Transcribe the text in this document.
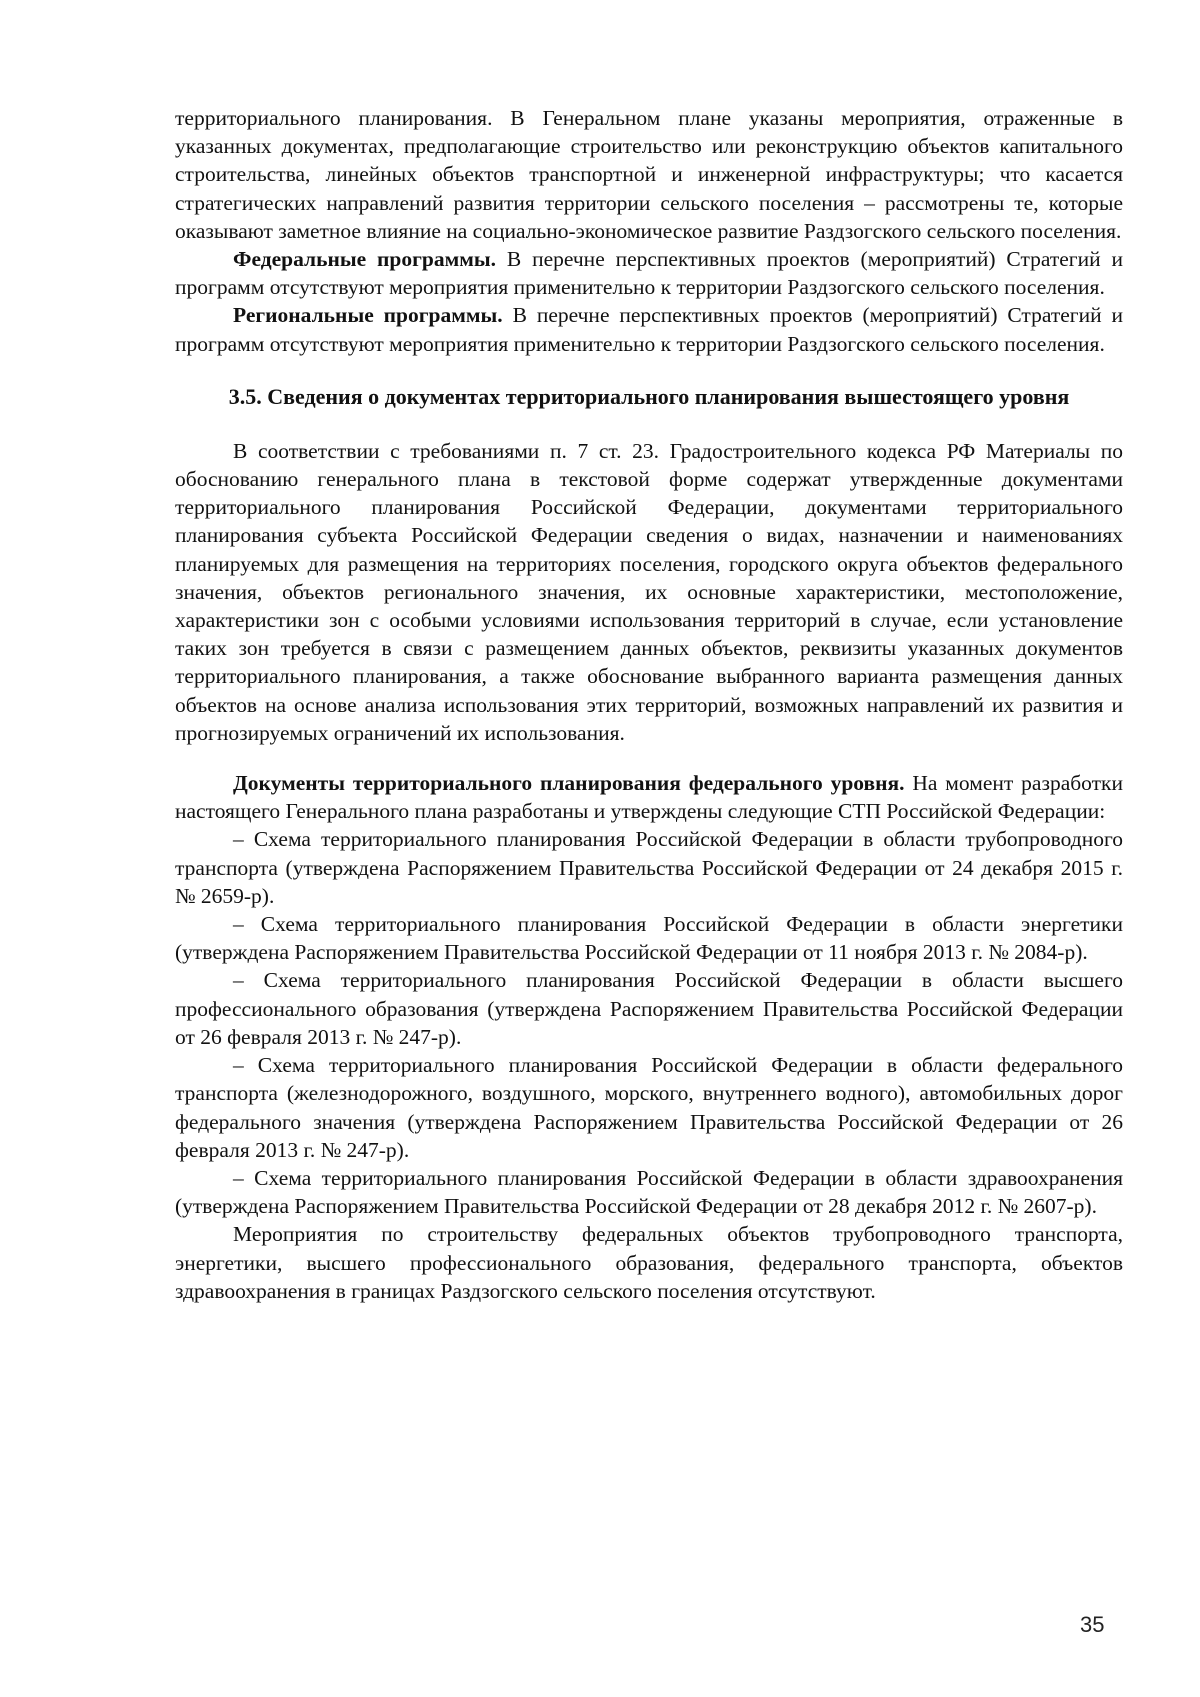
территориального планирования. В Генеральном плане указаны мероприятия, отраженные в указанных документах, предполагающие строительство или реконструкцию объектов капитального строительства, линейных объектов транспортной и инженерной инфраструктуры; что касается стратегических направлений развития территории сельского поселения – рассмотрены те, которые оказывают заметное влияние на социально-экономическое развитие Раздзогского сельского поселения.

Федеральные программы. В перечне перспективных проектов (мероприятий) Стратегий и программ отсутствуют мероприятия применительно к территории Раздзогского сельского поселения.

Региональные программы. В перечне перспективных проектов (мероприятий) Стратегий и программ отсутствуют мероприятия применительно к территории Раздзогского сельского поселения.

3.5. Сведения о документах территориального планирования вышестоящего уровня

В соответствии с требованиями п. 7 ст. 23. Градостроительного кодекса РФ Материалы по обоснованию генерального плана в текстовой форме содержат утвержденные документами территориального планирования Российской Федерации, документами территориального планирования субъекта Российской Федерации сведения о видах, назначении и наименованиях планируемых для размещения на территориях поселения, городского округа объектов федерального значения, объектов регионального значения, их основные характеристики, местоположение, характеристики зон с особыми условиями использования территорий в случае, если установление таких зон требуется в связи с размещением данных объектов, реквизиты указанных документов территориального планирования, а также обоснование выбранного варианта размещения данных объектов на основе анализа использования этих территорий, возможных направлений их развития и прогнозируемых ограничений их использования.

Документы территориального планирования федерального уровня. На момент разработки настоящего Генерального плана разработаны и утверждены следующие СТП Российской Федерации:

– Схема территориального планирования Российской Федерации в области трубопроводного транспорта (утверждена Распоряжением Правительства Российской Федерации от 24 декабря 2015 г. № 2659-р).

– Схема территориального планирования Российской Федерации в области энергетики (утверждена Распоряжением Правительства Российской Федерации от 11 ноября 2013 г. № 2084-р).

– Схема территориального планирования Российской Федерации в области высшего профессионального образования (утверждена Распоряжением Правительства Российской Федерации от 26 февраля 2013 г. № 247-р).

– Схема территориального планирования Российской Федерации в области федерального транспорта (железнодорожного, воздушного, морского, внутреннего водного), автомобильных дорог федерального значения (утверждена Распоряжением Правительства Российской Федерации от 26 февраля 2013 г. № 247-р).

– Схема территориального планирования Российской Федерации в области здравоохранения (утверждена Распоряжением Правительства Российской Федерации от 28 декабря 2012 г. № 2607-р).

Мероприятия по строительству федеральных объектов трубопроводного транспорта, энергетики, высшего профессионального образования, федерального транспорта, объектов здравоохранения в границах Раздзогского сельского поселения отсутствуют.

35
